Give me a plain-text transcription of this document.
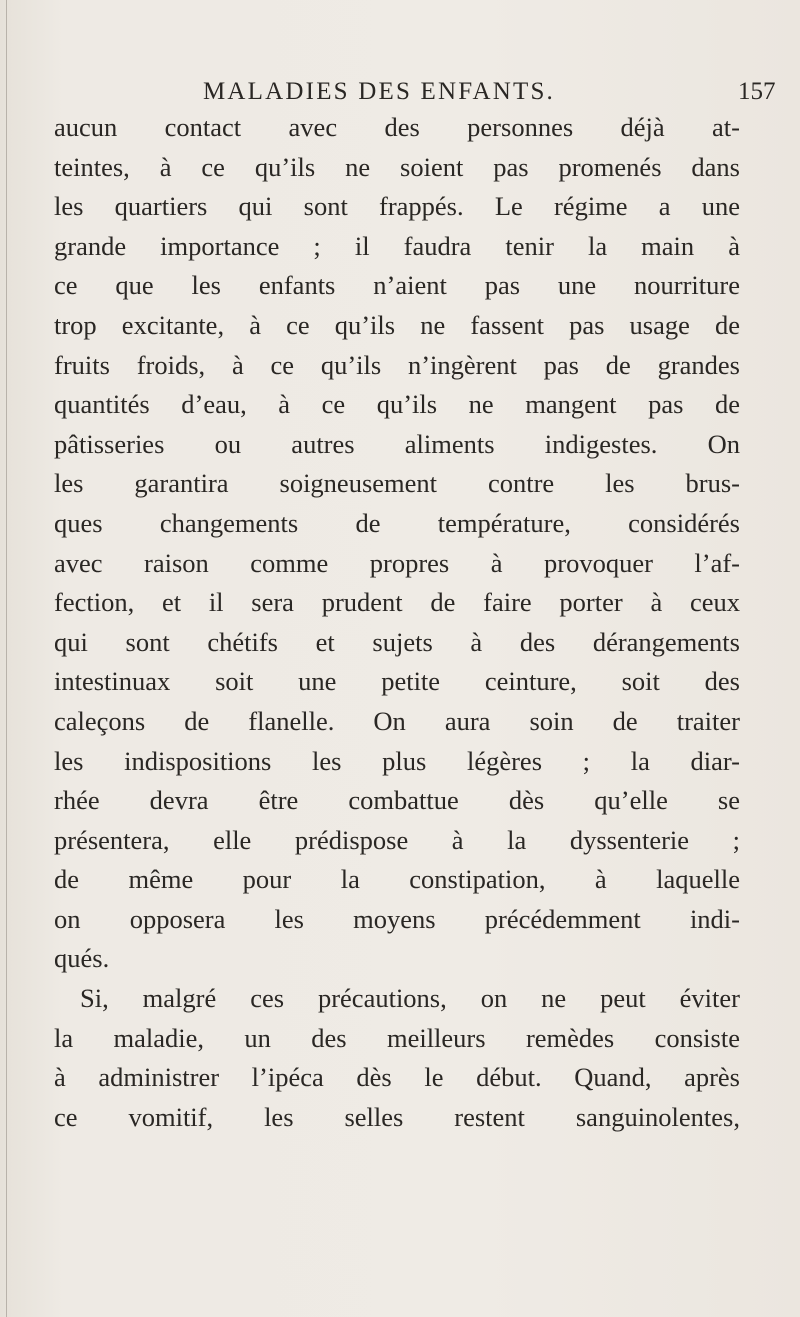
MALADIES DES ENFANTS.	157
aucun contact avec des personnes déjà at-
teintes, à ce qu’ils ne soient pas promenés dans
les quartiers qui sont frappés. Le régime a une
grande importance ; il faudra tenir la main à
ce que les enfants n’aient pas une nourriture
trop excitante, à ce qu’ils ne fassent pas usage de
fruits froids, à ce qu’ils n’ingèrent pas de grandes
quantités d’eau, à ce qu’ils ne mangent pas de
pâtisseries ou autres aliments indigestes. On
les garantira soigneusement contre les brus-
ques changements de température, considérés
avec raison comme propres à provoquer l’af-
fection, et il sera prudent de faire porter à ceux
qui sont chétifs et sujets à des dérangements
intestinuax soit une petite ceinture, soit des
caleçons de flanelle. On aura soin de traiter
les indispositions les plus légères ; la diar-
rhée devra être combattue dès qu’elle se
présentera, elle prédispose à la dyssenterie ;
de même pour la constipation, à laquelle
on opposera les moyens précédemment indi-
qués.
Si, malgré ces précautions, on ne peut éviter
la maladie, un des meilleurs remèdes consiste
à administrer l’ipéca dès le début. Quand, après
ce vomitif, les selles restent sanguinolentes,
